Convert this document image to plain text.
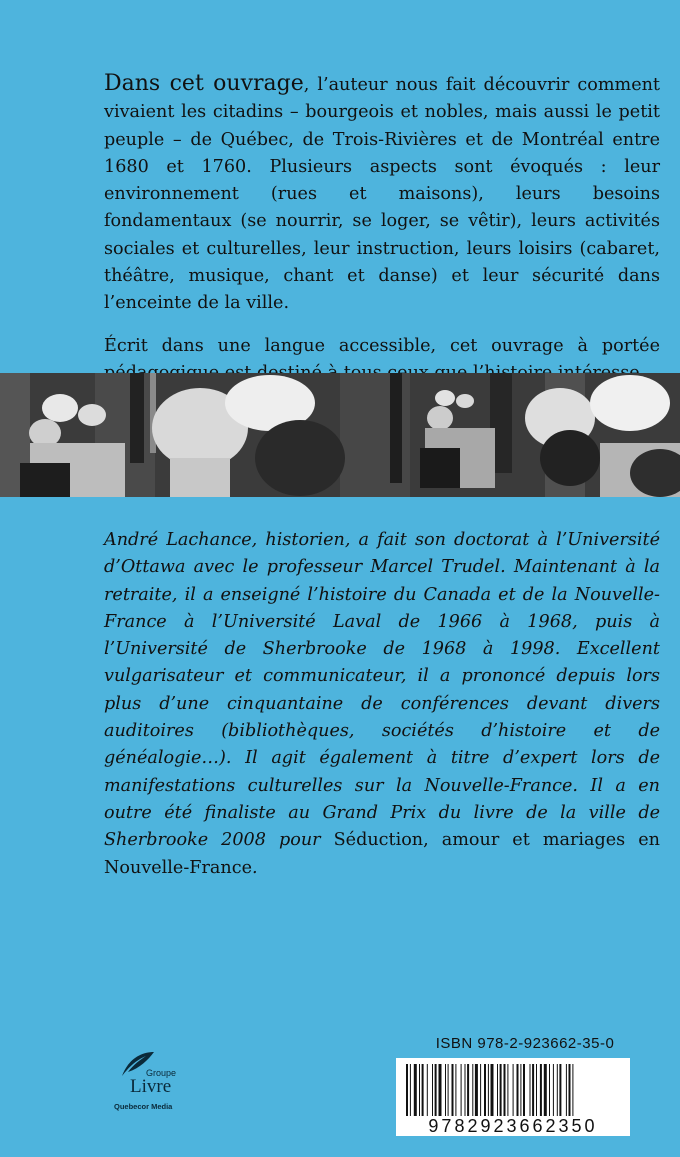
Dans cet ouvrage, l’auteur nous fait découvrir comment vivaient les citadins – bourgeois et nobles, mais aussi le petit peuple – de Québec, de Trois-Rivières et de Montréal entre 1680 et 1760. Plusieurs aspects sont évoqués : leur environnement (rues et maisons), leurs besoins fondamentaux (se nourrir, se loger, se vêtir), leurs activités sociales et culturelles, leur instruction, leurs loisirs (cabaret, théâtre, musique, chant et danse) et leur sécurité dans l’enceinte de la ville.

Écrit dans une langue accessible, cet ouvrage à portée

André Lachance, historien, a fait son doctorat à l’Université d’Ottawa avec le professeur Marcel Trudel. Maintenant à la retraite, il a enseigné l’histoire du Canada et de la Nouvelle-France à l’Université Laval de 1966 à 1968, puis à l’Université de Sherbrooke de 1968 à 1998. Excellent vulgarisateur et communicateur, il a prononcé depuis lors plus d’une cinquantaine de conférences devant divers auditoires (bibliothèques, sociétés d’histoire et de généalogie…). Il agit également à titre d’expert lors de manifestations culturelles sur la Nouvelle-France. Il a en outre été finaliste au Grand Prix du livre de la ville de Sherbrooke 2008 pour Séduction, amour et mariages en Nouvelle-France.
Groupe
Livre
Quebecor Media
ISBN 978-2-923662-35-0
9782923662350
